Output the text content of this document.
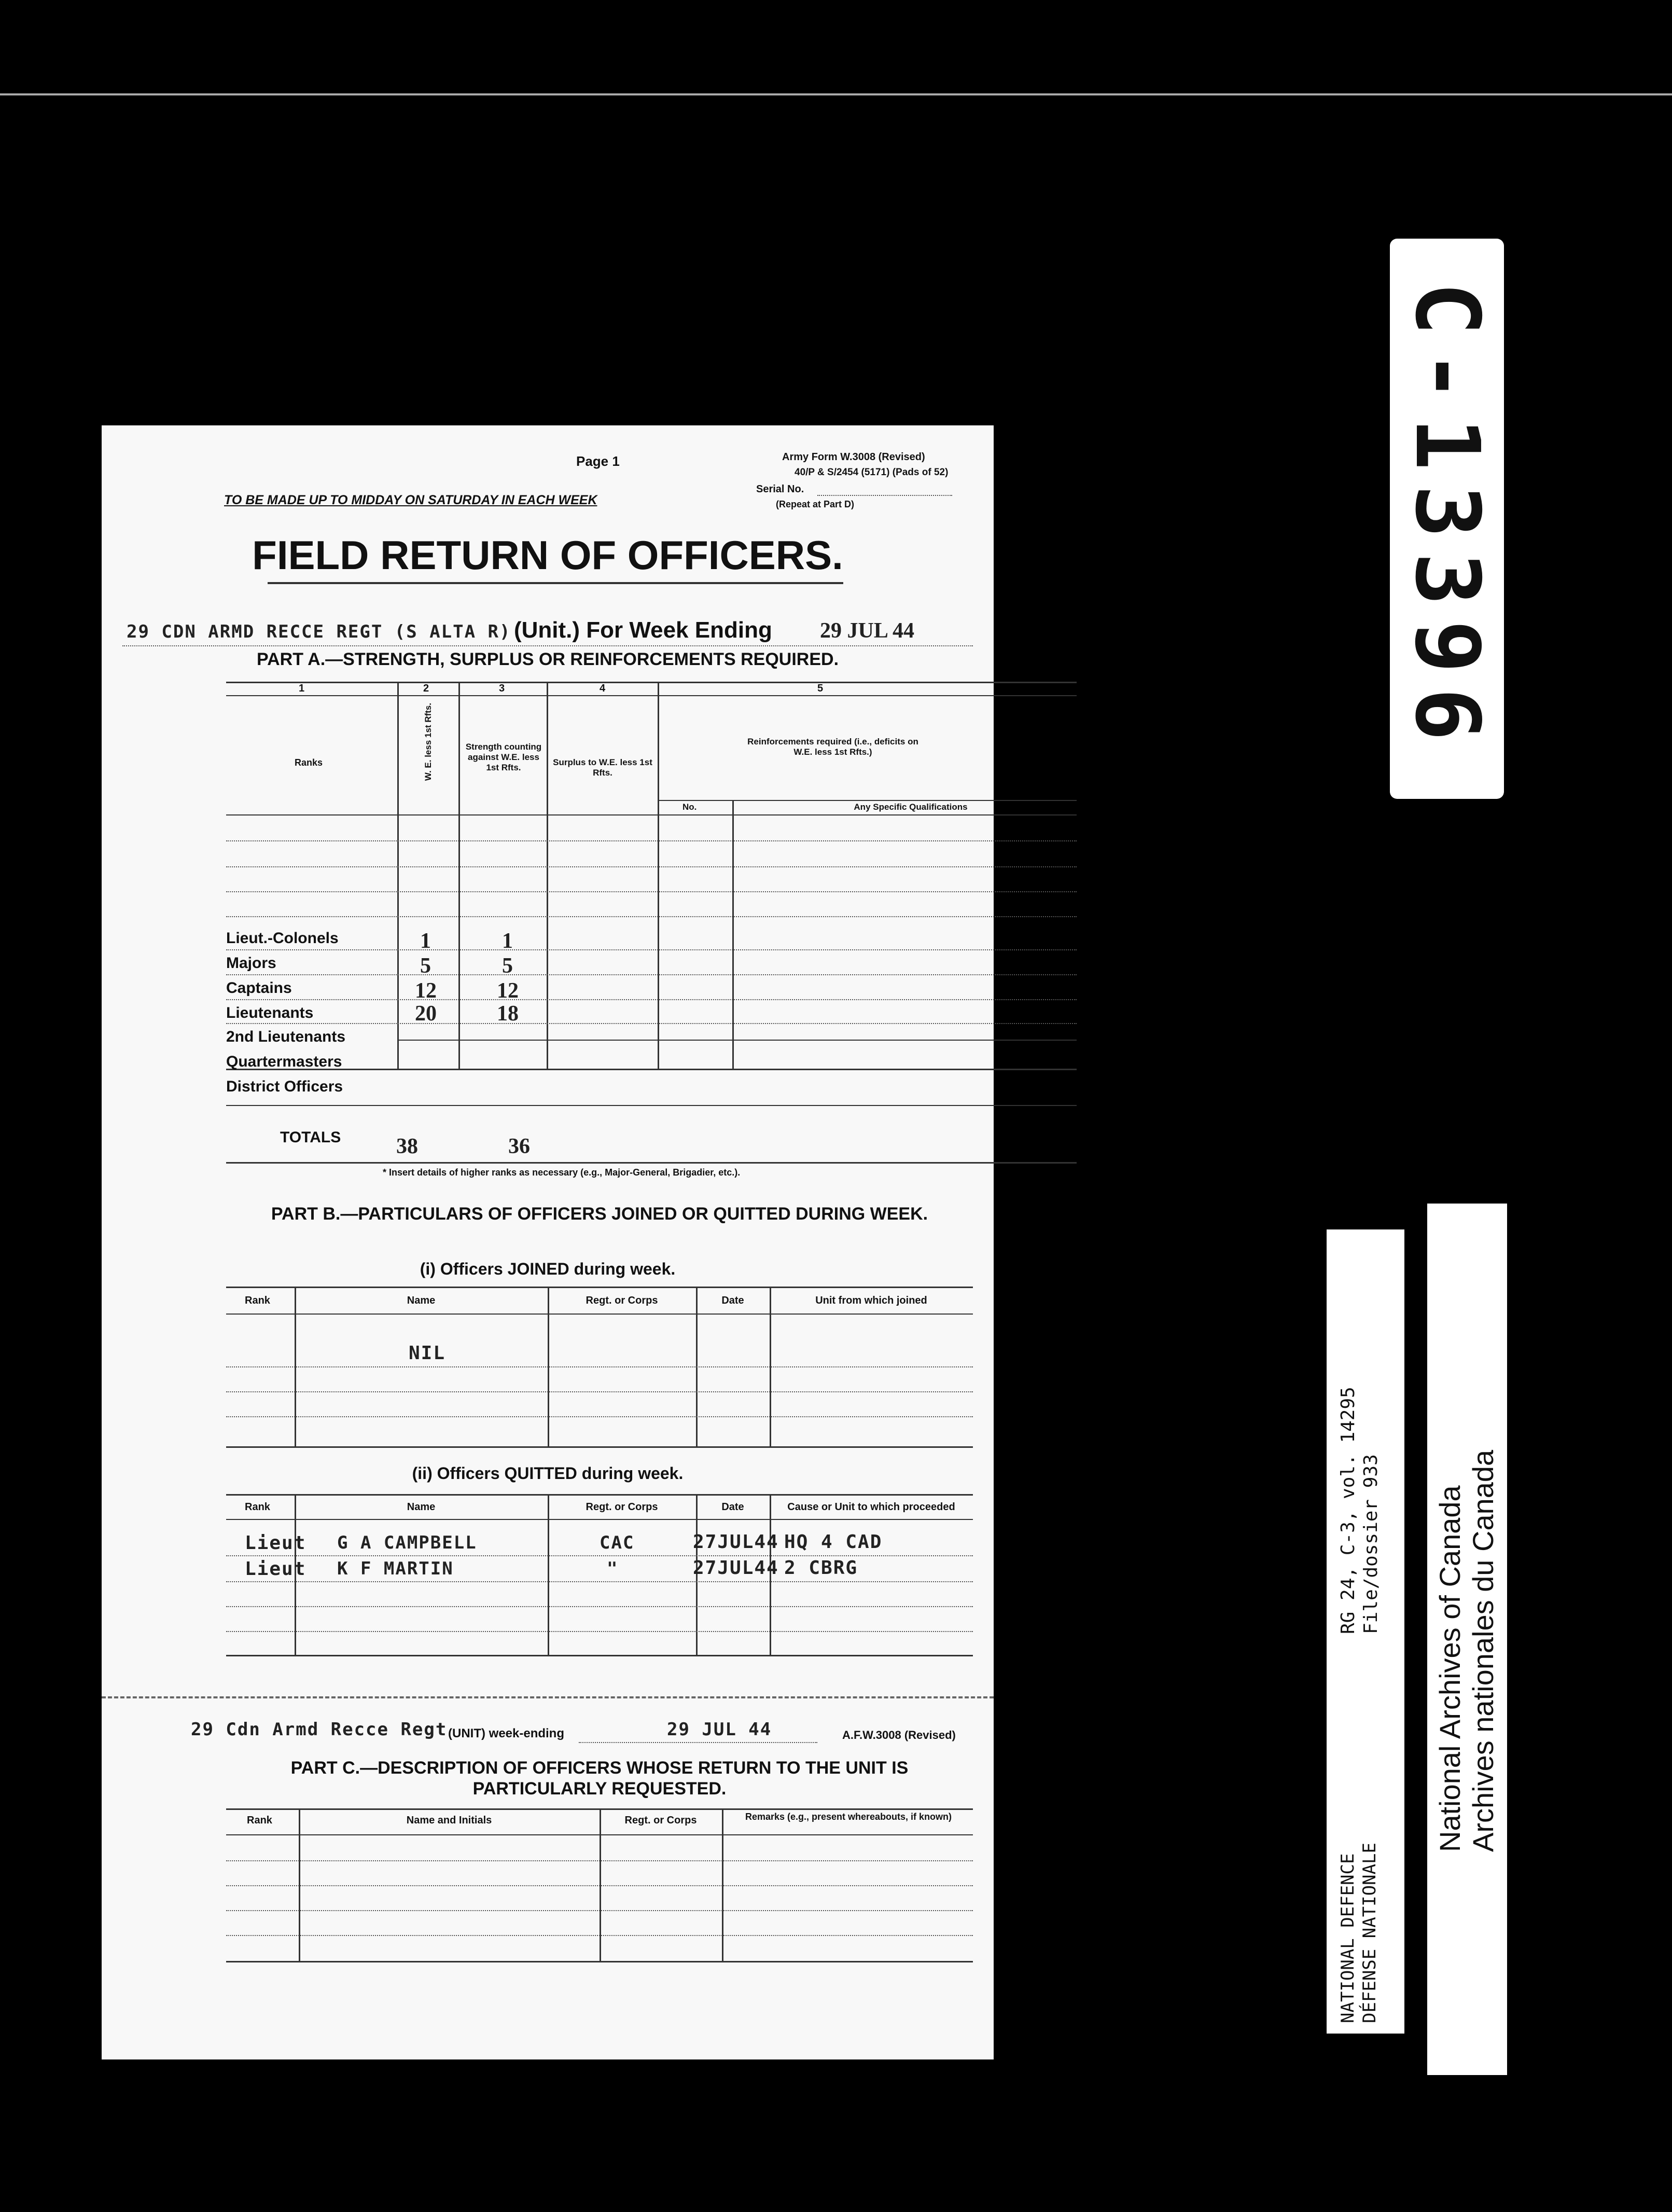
C-13396
RG 24, C-3, vol. 14295 File/dossier 933
NATIONAL DEFENCE DÉFENSE NATIONALE
National Archives of Canada Archives nationales du Canada
Page 1	Army Form W.3008 (Revised)
40/P & S/2454 (5171) (Pads of 52)
Serial No.
(Repeat at Part D)
TO BE MADE UP TO MIDDAY ON SATURDAY IN EACH WEEK
FIELD RETURN OF OFFICERS.
29 CDN ARMD RECCE REGT (S ALTA R) (Unit.) For Week Ending 29 JUL 44
PART A.—STRENGTH, SURPLUS OR REINFORCEMENTS REQUIRED.
1	2	3	4	5
Ranks	W. E. less 1st Rfts.	Strength counting against W.E. less 1st Rfts.
Surplus to W.E. less 1st Rfts.
Reinforcements required (i.e., deficits on W.E. less 1st Rfts.)
No.	Any Specific Qualifications
Lieut.-Colonels	1	1
Majors	5	5
Captains	12	12
Lieutenants	20	18
2nd Lieutenants
Quartermasters
District Officers
TOTALS	38	36
* Insert details of higher ranks as necessary (e.g., Major-General, Brigadier, etc.).
PART B.—PARTICULARS OF OFFICERS JOINED OR QUITTED DURING WEEK.
(i) Officers JOINED during week.
Rank	Name	Regt. or Corps	Date	Unit from which joined
NIL
(ii) Officers QUITTED during week.
Rank	Name	Regt. or Corps	Date	Cause or Unit to which proceeded
Lieut G A CAMPBELL	CAC	27JUL44 HQ 4 CAD
Lieut K F MARTIN	"	27JUL44 2 CBRG
29 Cdn Armd Recce Regt (UNIT) week-ending	29 JUL 44	A.F.W.3008 (Revised)
PART C.—DESCRIPTION OF OFFICERS WHOSE RETURN TO THE UNIT IS PARTICULARLY REQUESTED.
Rank	Name and Initials	Regt. or Corps	Remarks (e.g., present whereabouts, if known)
